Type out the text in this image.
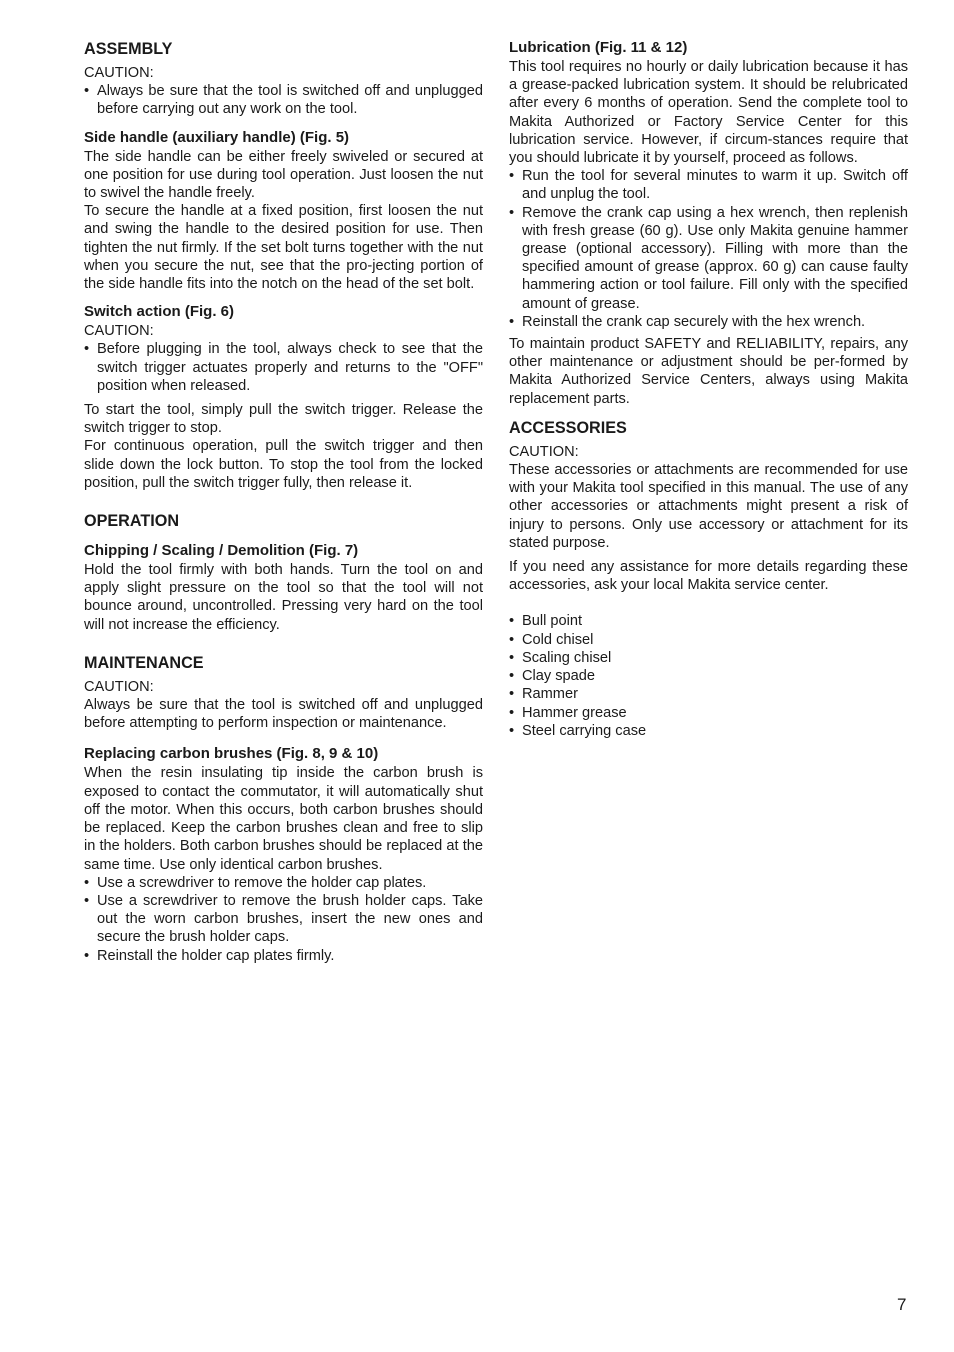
ASSEMBLY

CAUTION:

• Always be sure that the tool is switched off and unplugged before carrying out any work on the tool.
Side handle (auxiliary handle) (Fig. 5)

The side handle can be either freely swiveled or secured at one position for use during tool operation. Just loosen the nut to swivel the handle freely.

To secure the handle at a fixed position, first loosen the nut and swing the handle to the desired position for use. Then tighten the nut firmly. If the set bolt turns together with the nut when you secure the nut, see that the pro-jecting portion of the side handle fits into the notch on the head of the set bolt.

Switch action (Fig. 6)

CAUTION:

• Before plugging in the tool, always check to see that the switch trigger actuates properly and returns to the "OFF" position when released.

To start the tool, simply pull the switch trigger. Release the switch trigger to stop.

For continuous operation, pull the switch trigger and then slide down the lock button. To stop the tool from the locked position, pull the switch trigger fully, then release it.

OPERATION
Chipping / Scaling / Demolition (Fig. 7)

Hold the tool firmly with both hands. Turn the tool on and apply slight pressure on the tool so that the tool will not bounce around, uncontrolled. Pressing very hard on the tool will not increase the efficiency.

MAINTENANCE

CAUTION:

Always be sure that the tool is switched off and unplugged before attempting to perform inspection or maintenance.

Replacing carbon brushes (Fig. 8, 9 & 10)

When the resin insulating tip inside the carbon brush is exposed to contact the commutator, it will automatically shut off the motor. When this occurs, both carbon brushes should be replaced. Keep the carbon brushes clean and free to slip in the holders. Both carbon brushes should be replaced at the same time. Use only identical carbon brushes.

• Use a screwdriver to remove the holder cap plates.
• Use a screwdriver to remove the brush holder caps. Take out the worn carbon brushes, insert the new ones and secure the brush holder caps.
• Reinstall the holder cap plates firmly.
Lubrication (Fig. 11 & 12)

This tool requires no hourly or daily lubrication because it has a grease-packed lubrication system. It should be relubricated after every 6 months of operation. Send the complete tool to Makita Authorized or Factory Service Center for this lubrication service. However, if circum-stances require that you should lubricate it by yourself, proceed as follows.

• Run the tool for several minutes to warm it up. Switch off and unplug the tool.
• Remove the crank cap using a hex wrench, then replenish with fresh grease (60 g). Use only Makita genuine hammer grease (optional accessory). Filling with more than the specified amount of grease (approx. 60 g) can cause faulty hammering action or tool failure. Fill only with the specified amount of grease.
• Reinstall the crank cap securely with the hex wrench.

To maintain product SAFETY and RELIABILITY, repairs, any other maintenance or adjustment should be per-formed by Makita Authorized Service Centers, always using Makita replacement parts.

ACCESSORIES

CAUTION:

These accessories or attachments are recommended for use with your Makita tool specified in this manual. The use of any other accessories or attachments might present a risk of injury to persons. Only use accessory or attachment for its stated purpose.

If you need any assistance for more details regarding these accessories, ask your local Makita service center.

• Bull point
• Cold chisel
• Scaling chisel
• Clay spade
• Rammer
• Hammer grease
• Steel carrying case
7
